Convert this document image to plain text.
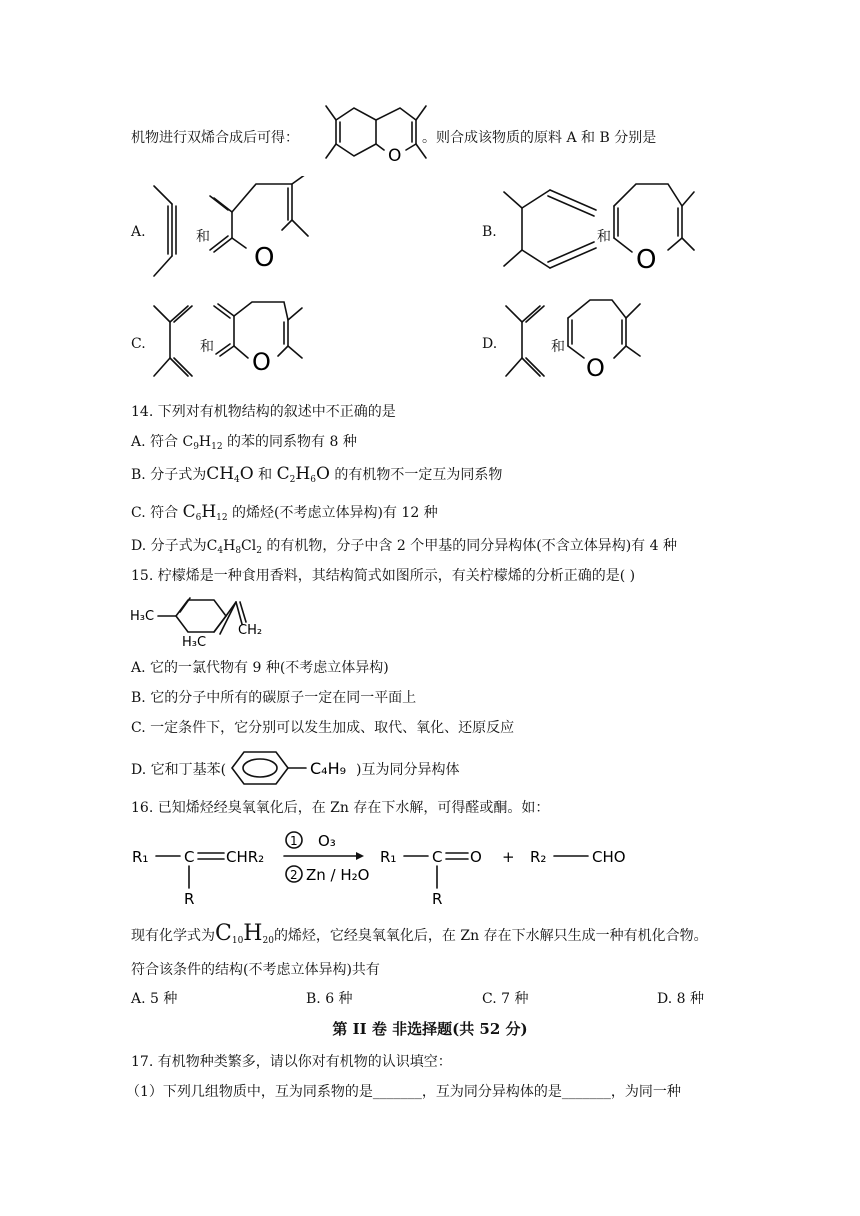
机物进行双烯合成后可得：
O
。则合成该物质的原料 A 和 B 分别是
A.	和
O
B.	和
O
C.	和
O
D.	和
O
14. 下列对有机物结构的叙述中不正确的是
A. 符合 $C_9H_{12}$ 的苯的同系物有 8 种
B. 分子式为$CH_4O$ 和 $C_2H_6O$ 的有机物不一定互为同系物
C. 符合 $C_6H_{12}$ 的烯烃(不考虑立体异构)有 12 种
D. 分子式为$C_4H_8Cl_2$ 的有机物，分子中含 2 个甲基的同分异构体(不含立体异构)有 4 种
15. 柠檬烯是一种食用香料，其结构简式如图所示，有关柠檬烯的分析正确的是( )
H₃C
CH₂
H₃C
A. 它的一氯代物有 9 种(不考虑立体异构)
B. 它的分子中所有的碳原子一定在同一平面上
C. 一定条件下，它分别可以发生加成、取代、氧化、还原反应
D. 它和丁基苯(	C₄H₉ )互为同分异构体
16. 已知烯烃经臭氧氧化后，在 Zn 存在下水解，可得醛或酮。如：
R₁ C CHR₂
R
1 O₃
2 Zn / H₂O
R₁ C O
R
+ R₂	CHO
现有化学式为$C_{10}H_{20}$的烯烃，它经臭氧氧化后，在 Zn 存在下水解只生成一种有机化合物。
符合该条件的结构(不考虑立体异构)共有
A. 5 种	B. 6 种	C. 7 种	D. 8 种
第 II 卷 非选择题(共 52 分)
17. 有机物种类繁多，请以你对有机物的认识填空：
（1）下列几组物质中，互为同系物的是_______，互为同分异构体的是_______，为同一种
